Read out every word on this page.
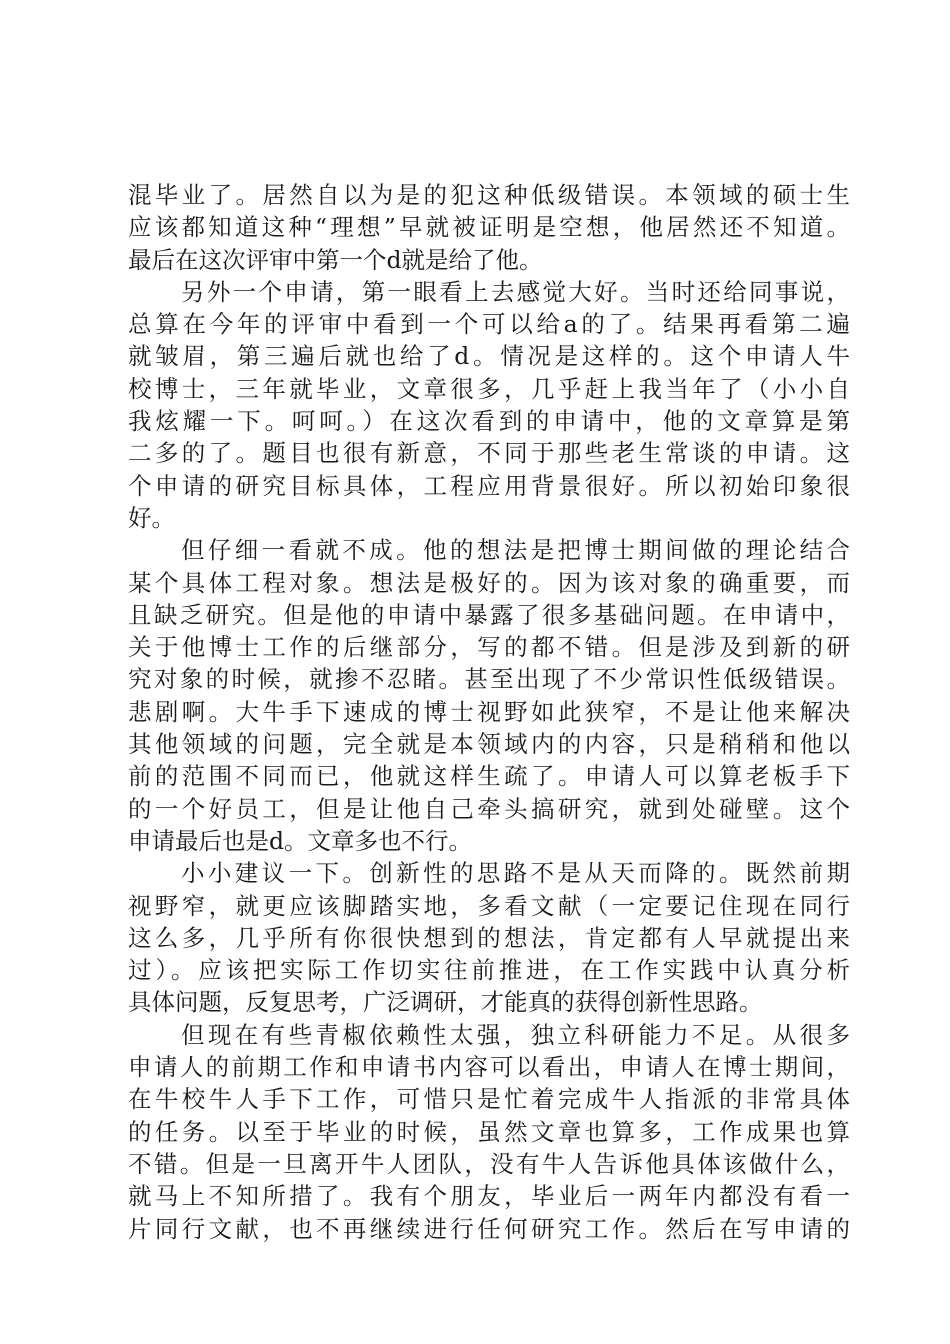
混毕业了。居然自以为是的犯这种低级错误。本领域的硕士生
应该都知道这种“理想”早就被证明是空想，他居然还不知道。
最后在这次评审中第一个d就是给了他。
另外一个申请，第一眼看上去感觉大好。当时还给同事说，
总算在今年的评审中看到一个可以给a的了。结果再看第二遍
就皱眉，第三遍后就也给了d。情况是这样的。这个申请人牛
校博士，三年就毕业，文章很多，几乎赶上我当年了（小小自
我炫耀一下。呵呵。）在这次看到的申请中，他的文章算是第
二多的了。题目也很有新意，不同于那些老生常谈的申请。这
个申请的研究目标具体，工程应用背景很好。所以初始印象很
好。
但仔细一看就不成。他的想法是把博士期间做的理论结合
某个具体工程对象。想法是极好的。因为该对象的确重要，而
且缺乏研究。但是他的申请中暴露了很多基础问题。在申请中，
关于他博士工作的后继部分，写的都不错。但是涉及到新的研
究对象的时候，就掺不忍睹。甚至出现了不少常识性低级错误。
悲剧啊。大牛手下速成的博士视野如此狭窄，不是让他来解决
其他领域的问题，完全就是本领域内的内容，只是稍稍和他以
前的范围不同而已，他就这样生疏了。申请人可以算老板手下
的一个好员工，但是让他自己牵头搞研究，就到处碰壁。这个
申请最后也是d。文章多也不行。
小小建议一下。创新性的思路不是从天而降的。既然前期
视野窄，就更应该脚踏实地，多看文献（一定要记住现在同行
这么多，几乎所有你很快想到的想法，肯定都有人早就提出来
过）。应该把实际工作切实往前推进，在工作实践中认真分析
具体问题，反复思考，广泛调研，才能真的获得创新性思路。
但现在有些青椒依赖性太强，独立科研能力不足。从很多
申请人的前期工作和申请书内容可以看出，申请人在博士期间，
在牛校牛人手下工作，可惜只是忙着完成牛人指派的非常具体
的任务。以至于毕业的时候，虽然文章也算多，工作成果也算
不错。但是一旦离开牛人团队，没有牛人告诉他具体该做什么，
就马上不知所措了。我有个朋友，毕业后一两年内都没有看一
片同行文献，也不再继续进行任何研究工作。然后在写申请的
